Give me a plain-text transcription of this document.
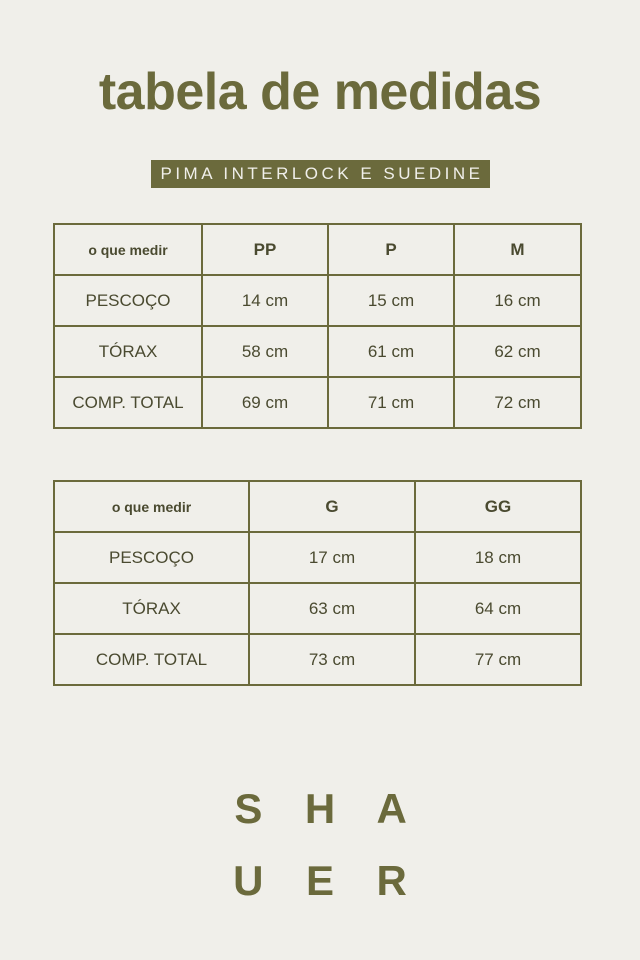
tabela de medidas
PIMA INTERLOCK E SUEDINE
o que medir	PP	P	M
PESCOÇO	14 cm	15 cm	16 cm
TÓRAX	58 cm	61 cm	62 cm
COMP. TOTAL	69 cm	71 cm	72 cm
o que medir	G	GG
PESCOÇO	17 cm	18 cm
TÓRAX	63 cm	64 cm
COMP. TOTAL	73 cm	77 cm
S H A
U E R
